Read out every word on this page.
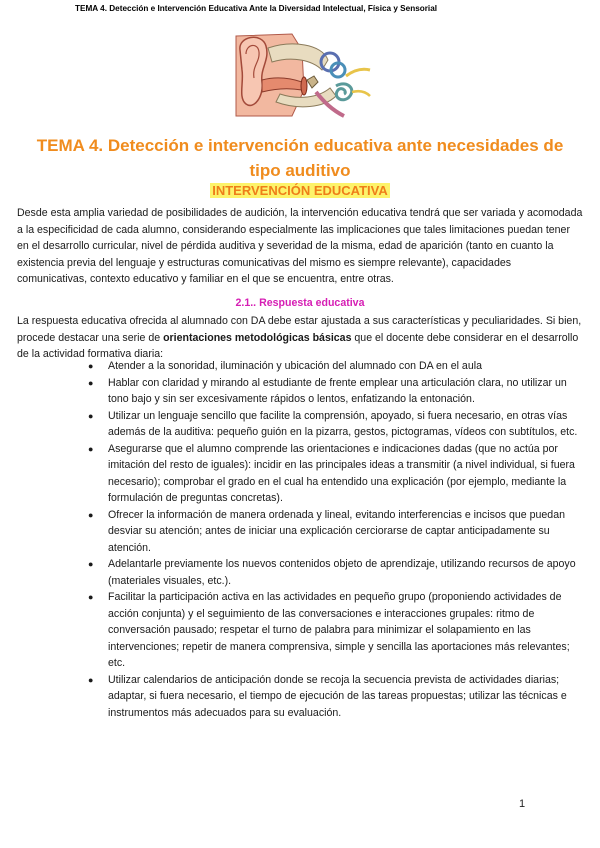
TEMA 4. Detección e Intervención Educativa Ante la Diversidad Intelectual, Física y Sensorial
TEMA 4. Detección e intervención educativa ante necesidades de tipo auditivo
INTERVENCIÓN EDUCATIVA
Desde esta amplia variedad de posibilidades de audición, la intervención educativa tendrá que ser variada y acomodada a la especificidad de cada alumno, considerando especialmente las implicaciones que tales limitaciones puedan tener en el desarrollo curricular, nivel de pérdida auditiva y severidad de la misma, edad de aparición (tanto en cuanto la existencia previa del lenguaje y estructuras comunicativas del mismo es siempre relevante), capacidades comunicativas, contexto educativo y familiar en el que se encuentra, entre otras.
2.1.. Respuesta educativa
La respuesta educativa ofrecida al alumnado con DA debe estar ajustada a sus características y peculiaridades. Si bien, procede destacar una serie de orientaciones metodológicas básicas que el docente debe considerar en el desarrollo de la actividad formativa diaria:
● Atender a la sonoridad, iluminación y ubicación del alumnado con DA en el aula
● Hablar con claridad y mirando al estudiante de frente emplear una articulación clara, no utilizar un tono bajo y sin ser excesivamente rápidos o lentos, enfatizando la entonación.
● Utilizar un lenguaje sencillo que facilite la comprensión, apoyado, si fuera necesario, en otras vías además de la auditiva: pequeño guión en la pizarra, gestos, pictogramas, vídeos con subtítulos, etc.
● Asegurarse que el alumno comprende las orientaciones e indicaciones dadas (que no actúa por imitación del resto de iguales): incidir en las principales ideas a transmitir (a nivel individual, si fuera necesario); comprobar el grado en el cual ha entendido una explicación (por ejemplo, mediante la formulación de preguntas concretas).
● Ofrecer la información de manera ordenada y lineal, evitando interferencias e incisos que puedan desviar su atención; antes de iniciar una explicación cerciorarse de captar anticipadamente su atención.
● Adelantarle previamente los nuevos contenidos objeto de aprendizaje, utilizando recursos de apoyo (materiales visuales, etc.).
● Facilitar la participación activa en las actividades en pequeño grupo (proponiendo actividades de acción conjunta) y el seguimiento de las conversaciones e interacciones grupales: ritmo de conversación pausado; respetar el turno de palabra para minimizar el solapamiento en las intervenciones; repetir de manera comprensiva, simple y sencilla las aportaciones más relevantes; etc.
● Utilizar calendarios de anticipación donde se recoja la secuencia prevista de actividades diarias; adaptar, si fuera necesario, el tiempo de ejecución de las tareas propuestas; utilizar las técnicas e instrumentos más adecuados para su evaluación.
1
